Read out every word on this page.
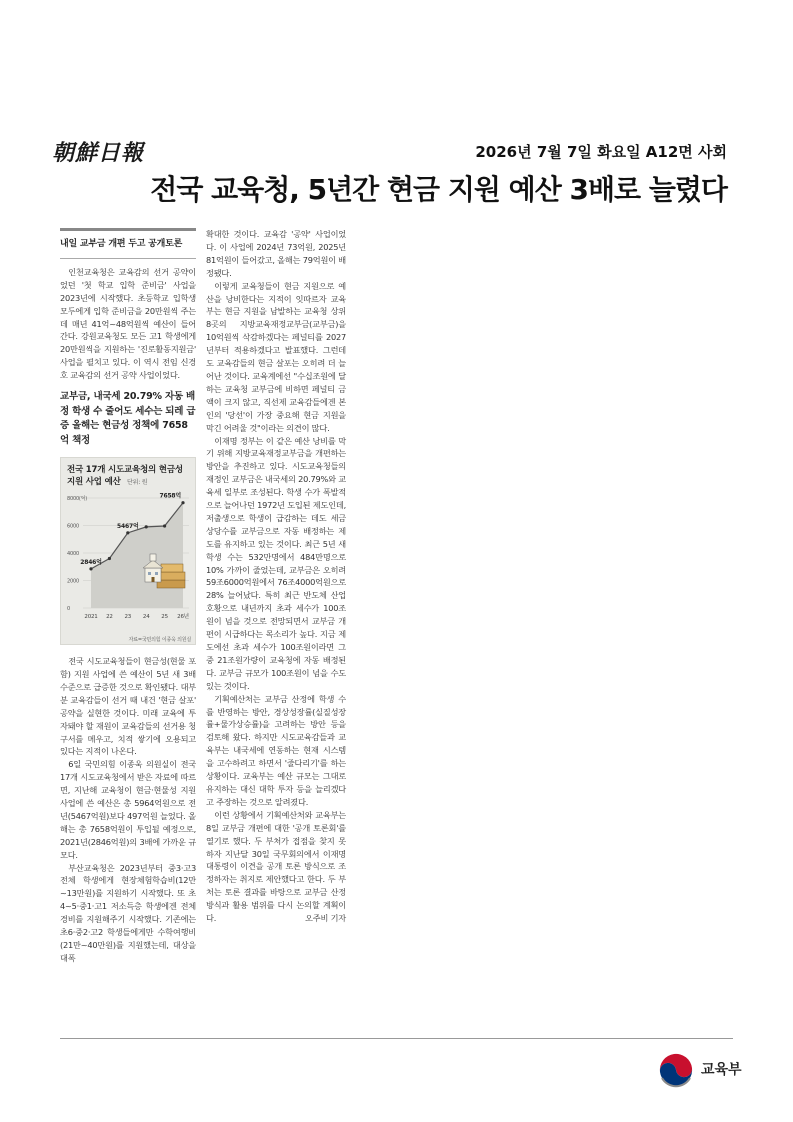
朝鮮日報	2026년 7월 7일 화요일 A12면 사회
전국 교육청, 5년간 현금 지원 예산 3배로 늘렸다
내일 교부금 개편 두고 공개토론

인천교육청은 교육감의 선거 공약이었던 '첫 학교 입학 준비금' 사업을 2023년에 시작했다. 초등학교 입학생 모두에게 입학 준비금을 20만원씩 주는데 매년 41억~48억원씩 예산이 들어간다. 강원교육청도 모든 고1 학생에게 20만원씩을 지원하는 '진로활동지원금' 사업을 펼치고 있다. 이 역시 전임 신경호 교육감의 선거 공약 사업이었다.

교부금, 내국세 20.79% 자동 배정 학생 수 줄어도 세수는 되레 급증 올해는 현금성 정책에 7658억 책정
전국 17개 시도교육청의 현금성
지원 사업 예산 단위: 원
0
2000
4000
6000
8000(억)
2846억
5467억
7658억
2021 22 23 24 25 26년
자료=국민의힘 이종욱 의원실

전국 시도교육청들이 현금성(현물 포함) 지원 사업에 쓴 예산이 5년 새 3배 수준으로 급증한 것으로 확인됐다. 대부분 교육감들이 선거 때 내건 '현금 살포' 공약을 실현한 것이다. 미래 교육에 투자돼야 할 재원이 교육감들의 선거용 청구서를 메우고, 치적 쌓기에 오용되고 있다는 지적이 나온다.

6일 국민의힘 이종욱 의원실이 전국 17개 시도교육청에서 받은 자료에 따르면, 지난해 교육청이 현금·현물성 지원 사업에 쓴 예산은 총 5964억원으로 전년(5467억원)보다 497억원 늘었다. 올해는 총 7658억원이 투입될 예정으로, 2021년(2846억원)의 3배에 가까운 규모다.

부산교육청은 2023년부터 중3·고3 전체 학생에게 현장체험학습비(12만~13만원)를 지원하기 시작했다. 또 초4~5·중1·고1 저소득층 학생에겐 전체 경비를 지원해주기 시작했다. 기존에는 초6·중2·고2 학생들에게만 수학여행비(21만~40만원)를 지원했는데, 대상을 대폭

확대한 것이다. 교육감 '공약' 사업이었다. 이 사업에 2024년 73억원, 2025년 81억원이 들어갔고, 올해는 79억원이 배정됐다.

이렇게 교육청들이 현금 지원으로 예산을 낭비한다는 지적이 잇따르자 교육부는 현금 지원을 남발하는 교육청 상위 8곳의 지방교육재정교부금(교부금)을 10억원씩 삭감하겠다는 페널티를 2027년부터 적용하겠다고 발표했다. 그런데도 교육감들의 현금 살포는 오히려 더 늘어난 것이다. 교육계에선 "수십조원에 달하는 교육청 교부금에 비하면 페널티 금액이 크지 않고, 직선제 교육감들에겐 본인의 '당선'이 가장 중요해 현금 지원을 막긴 어려울 것"이라는 의견이 많다.

이재명 정부는 이 같은 예산 낭비를 막기 위해 지방교육재정교부금을 개편하는 방안을 추진하고 있다. 시도교육청들의 재정인 교부금은 내국세의 20.79%와 교육세 일부로 조성된다. 학생 수가 폭발적으로 늘어나던 1972년 도입된 제도인데, 저출생으로 학생이 급감하는 데도 세금 상당수를 교부금으로 자동 배정하는 제도를 유지하고 있는 것이다. 최근 5년 새 학생 수는 532만명에서 484만명으로 10% 가까이 줄었는데, 교부금은 오히려 59조6000억원에서 76조4000억원으로 28% 늘어났다. 특히 최근 반도체 산업 호황으로 내년까지 초과 세수가 100조원이 넘을 것으로 전망되면서 교부금 개편이 시급하다는 목소리가 높다. 지금 제도에선 초과 세수가 100조원이라면 그중 21조원가량이 교육청에 자동 배정된다. 교부금 규모가 100조원이 넘을 수도 있는 것이다.

기획예산처는 교부금 산정에 학생 수를 반영하는 방안, 경상성장률(실질성장률+물가상승률)을 고려하는 방안 등을 검토해 왔다. 하지만 시도교육감들과 교육부는 내국세에 연동하는 현재 시스템을 고수하려고 하면서 '줄다리기'를 하는 상황이다. 교육부는 예산 규모는 그대로 유지하는 대신 대학 투자 등을 늘리겠다고 주장하는 것으로 알려졌다.

이런 상황에서 기획예산처와 교육부는 8일 교부금 개편에 대한 '공개 토론회'를 열기로 했다. 두 부처가 접점을 찾지 못하자 지난달 30일 국무회의에서 이재명 대통령이 이견을 공개 토론 방식으로 조정하자는 취지로 제안했다고 한다. 두 부처는 토론 결과를 바탕으로 교부금 산정 방식과 활용 범위를 다시 논의할 계획이다.	오주비 기자
교육부
